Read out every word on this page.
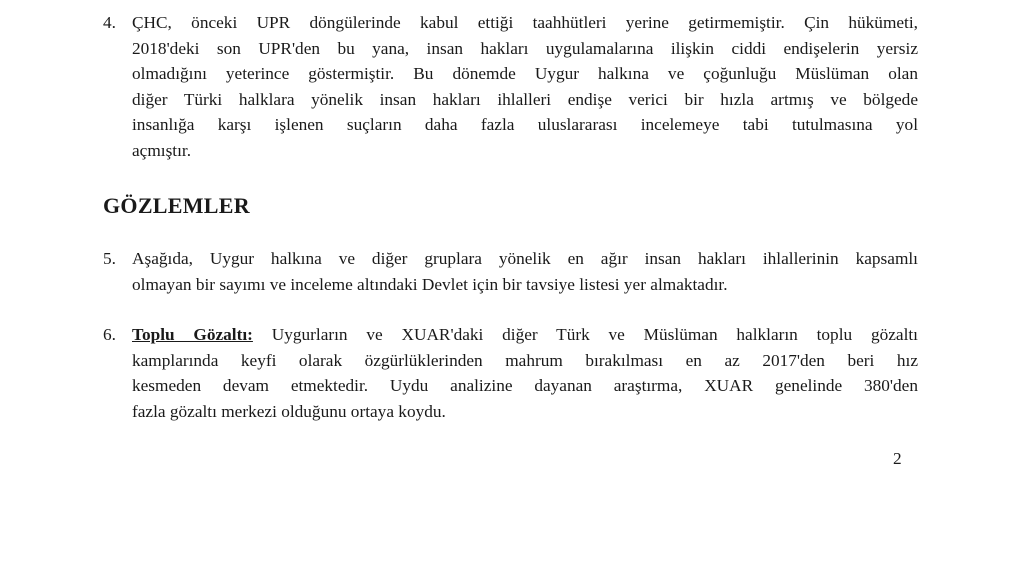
4. ÇHC, önceki UPR döngülerinde kabul ettiği taahhütleri yerine getirmemiştir. Çin hükümeti,
2018'deki son UPR'den bu yana, insan hakları uygulamalarına ilişkin ciddi endişelerin yersiz
olmadığını yeterince göstermiştir. Bu dönemde Uygur halkına ve çoğunluğu Müslüman olan
diğer Türki halklara yönelik insan hakları ihlalleri endişe verici bir hızla artmış ve bölgede
insanlığa karşı işlenen suçların daha fazla uluslararası incelemeye tabi tutulmasına yol
açmıştır.
GÖZLEMLER
5. Aşağıda, Uygur halkına ve diğer gruplara yönelik en ağır insan hakları ihlallerinin kapsamlı
olmayan bir sayımı ve inceleme altındaki Devlet için bir tavsiye listesi yer almaktadır.
6. Toplu Gözaltı: Uygurların ve XUAR'daki diğer Türk ve Müslüman halkların toplu gözaltı
kamplarında keyfi olarak özgürlüklerinden mahrum bırakılması en az 2017'den beri hız
kesmeden devam etmektedir. Uydu analizine dayanan araştırma, XUAR genelinde 380'den
fazla gözaltı merkezi olduğunu ortaya koydu.
2
